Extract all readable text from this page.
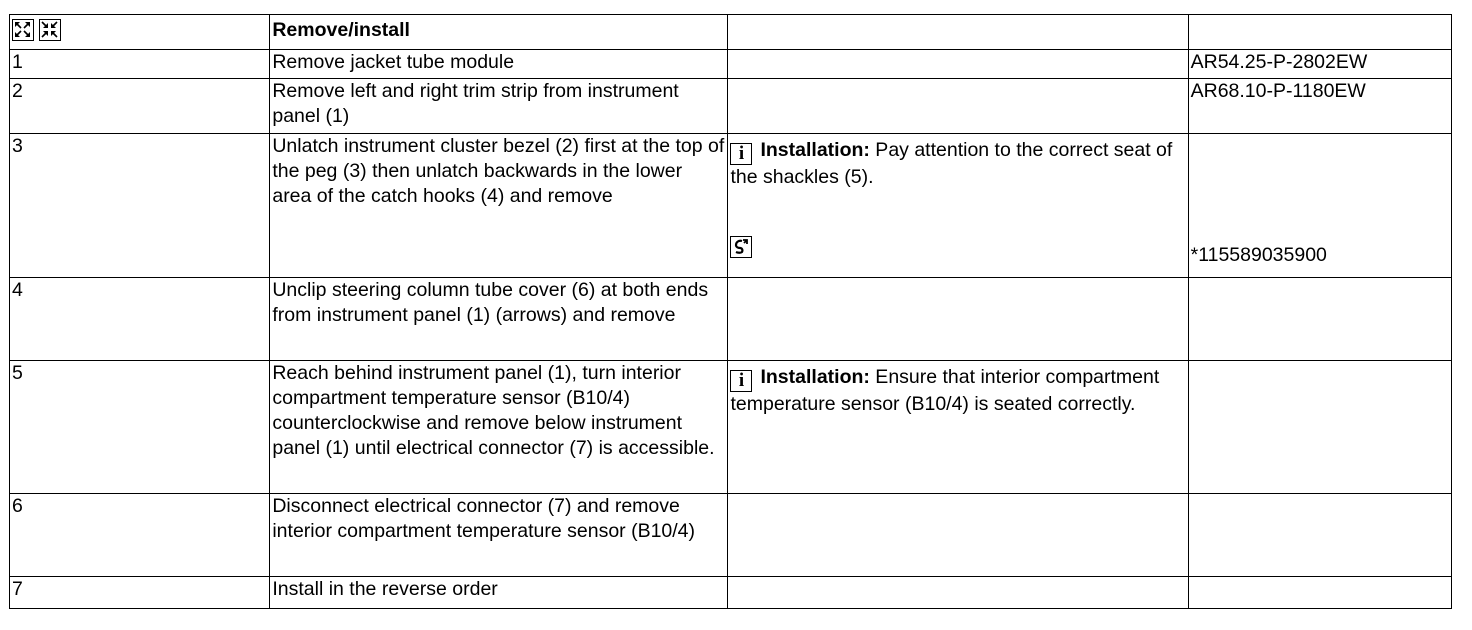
	Remove/install		
1	Remove jacket tube module		AR54.25-P-2802EW
2	Remove left and right trim strip from instrument panel (1)		AR68.10-P-1180EW
3	Unlatch instrument cluster bezel (2) first at the top of the peg (3) then unlatch backwards in the lower area of the catch hooks (4) and remove	i Installation: Pay attention to the correct seat of the shackles (5).	*115589035900
4	Unclip steering column tube cover (6) at both ends from instrument panel (1) (arrows) and remove		
5	Reach behind instrument panel (1), turn interior compartment temperature sensor (B10/4) counterclockwise and remove below instrument panel (1) until electrical connector (7) is accessible.	i Installation: Ensure that interior compartment temperature sensor (B10/4) is seated correctly.	

6	Disconnect electrical connector (7) and remove interior compartment temperature sensor (B10/4)		
7	Install in the reverse order		
